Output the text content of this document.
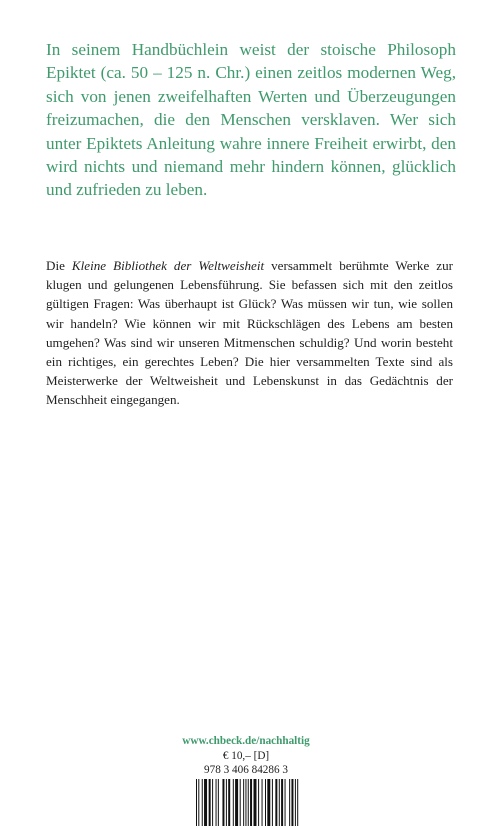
In seinem Handbüchlein weist der stoische Philosoph Epiktet (ca. 50 – 125 n. Chr.) einen zeitlos modernen Weg, sich von jenen zweifelhaften Werten und Überzeugungen freizumachen, die den Menschen versklaven. Wer sich unter Epiktets Anleitung wahre innere Freiheit erwirbt, den wird nichts und niemand mehr hindern können, glücklich und zufrieden zu leben.

Die Kleine Bibliothek der Weltweisheit versammelt berühmte Werke zur klugen und gelungenen Lebensführung. Sie befassen sich mit den zeitlos gültigen Fragen: Was überhaupt ist Glück? Was müssen wir tun, wie sollen wir handeln? Wie können wir mit Rückschlägen des Lebens am besten umgehen? Was sind wir unseren Mitmenschen schuldig? Und worin besteht ein richtiges, ein gerechtes Leben? Die hier versammelten Texte sind als Meisterwerke der Weltweisheit und Lebenskunst in das Gedächtnis der Menschheit eingegangen.

www.chbeck.de/nachhaltig
€ 10,– [D]
978 3 406 84286 3
